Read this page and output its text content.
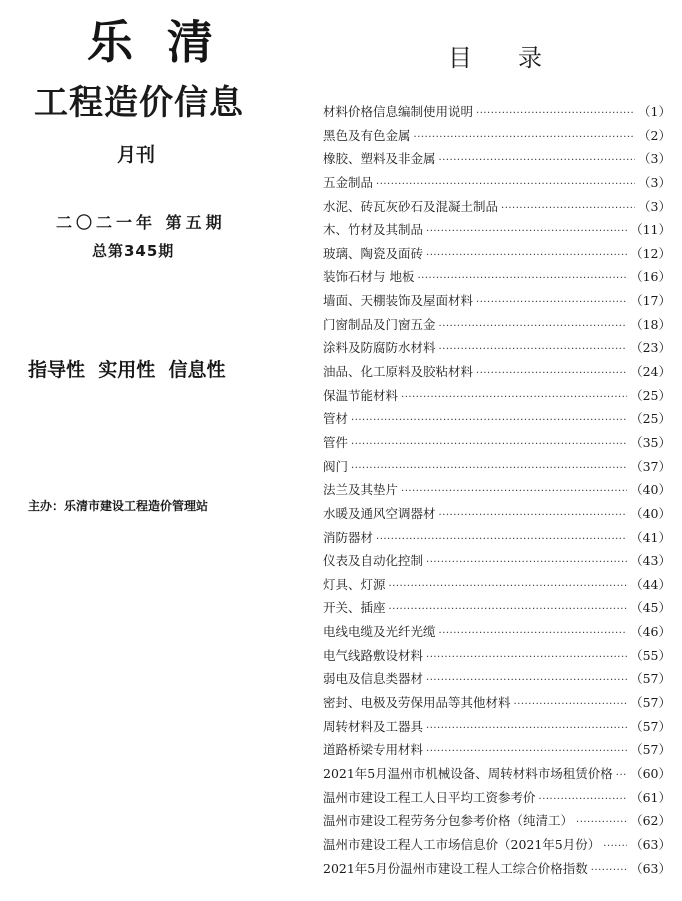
乐清
工程造价信息
月刊
二〇二一年 第五期
总第345期
指导性  实用性  信息性
主办：乐清市建设工程造价管理站
目录
材料价格信息编制使用说明 ·····	（1）
黑色及有色金属 ·····	（2）
橡胶、塑料及非金属 ·····	（3）
五金制品 ·····	（3）
水泥、砖瓦灰砂石及混凝土制品 ·····	（3）
木、竹材及其制品 ·····	（11）
玻璃、陶瓷及面砖 ·····	（12）
装饰石材与 地板 ·····	（16）
墙面、天棚装饰及屋面材料 ·····	（17）
门窗制品及门窗五金 ·····	（18）
涂料及防腐防水材料 ·····	（23）
油品、化工原料及胶粘材料 ·····	（24）
保温节能材料 ·····	（25）
管材 ·····	（25）
管件 ·····	（35）
阀门 ·····	（37）
法兰及其垫片 ·····	（40）
水暖及通风空调器材 ·····	（40）
消防器材 ·····	（41）
仪表及自动化控制 ·····	（43）
灯具、灯源 ·····	（44）
开关、插座 ·····	（45）
电线电缆及光纤光缆 ·····	（46）
电气线路敷设材料 ·····	（55）
弱电及信息类器材 ·····	（57）
密封、电极及劳保用品等其他材料 ·····	（57）
周转材料及工器具 ·····	（57）
道路桥梁专用材料 ·····	（57）
2021年5月温州市机械设备、周转材料市场租赁价格 ····· （60）
温州市建设工程工人日平均工资参考价 ·····	（61）
温州市建设工程劳务分包参考价格（纯清工） ·····	（62）
温州市建设工程人工市场信息价（2021年5月份） ····· （63）
2021年5月份温州市建设工程人工综合价格指数 ·····	（63）
